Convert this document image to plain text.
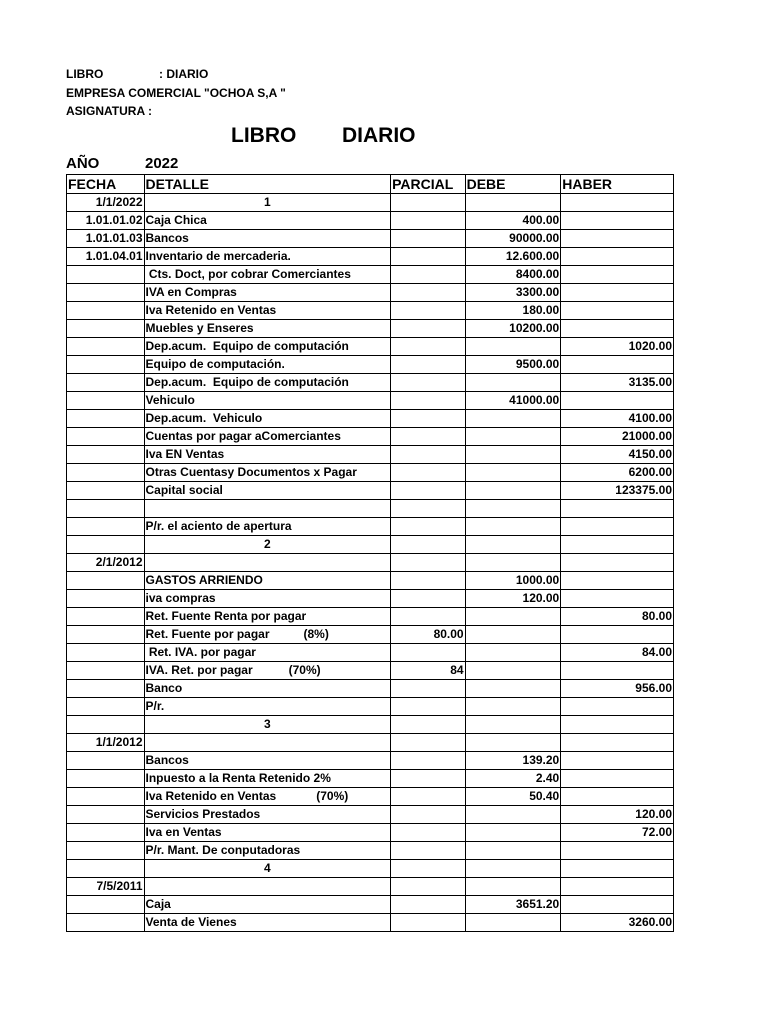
LIBRO	: DIARIO
EMPRESA COMERCIAL "OCHOA S,A "
ASIGNATURA :
LIBRO DIARIO
AÑO	2022
FECHA	DETALLE	PARCIAL	DEBE	HABER
1/1/2022	1			
1.01.01.02	Caja Chica		400.00	
1.01.01.03	Bancos		90000.00	
1.01.04.01	Inventario de mercaderia.		12.600.00	
	Cts. Doct, por cobrar Comerciantes		8400.00	
	IVA en Compras		3300.00	
	Iva Retenido en Ventas		180.00	
	Muebles y Enseres		10200.00	
	Dep.acum.  Equipo de computación			1020.00
	Equipo de computación.		9500.00	
	Dep.acum.  Equipo de computación			3135.00
	Vehiculo		41000.00	
	Dep.acum.  Vehiculo			4100.00
	Cuentas por pagar aComerciantes			21000.00
	Iva EN Ventas			4150.00
	Otras Cuentasy Documentos x Pagar			6200.00
	Capital social			123375.00

	P/r. el aciento de apertura			
	2			
2/1/2012				
	GASTOS ARRIENDO		1000.00	
	iva compras		120.00	
	Ret. Fuente Renta por pagar			80.00
	Ret. Fuente por pagar (8%)	80.00		
	Ret. IVA. por pagar			84.00
	IVA. Ret. por pagar (70%)	84		
	Banco			956.00
	P/r.			
	3			
1/1/2012				
	Bancos		139.20	
	Inpuesto a la Renta Retenido 2%		2.40	
	Iva Retenido en Ventas (70%)		50.40	
	Servicios Prestados			120.00
	Iva en Ventas			72.00
	P/r. Mant. De conputadoras			
	4			
7/5/2011				
	Caja		3651.20	
	Venta de Vienes			3260.00
